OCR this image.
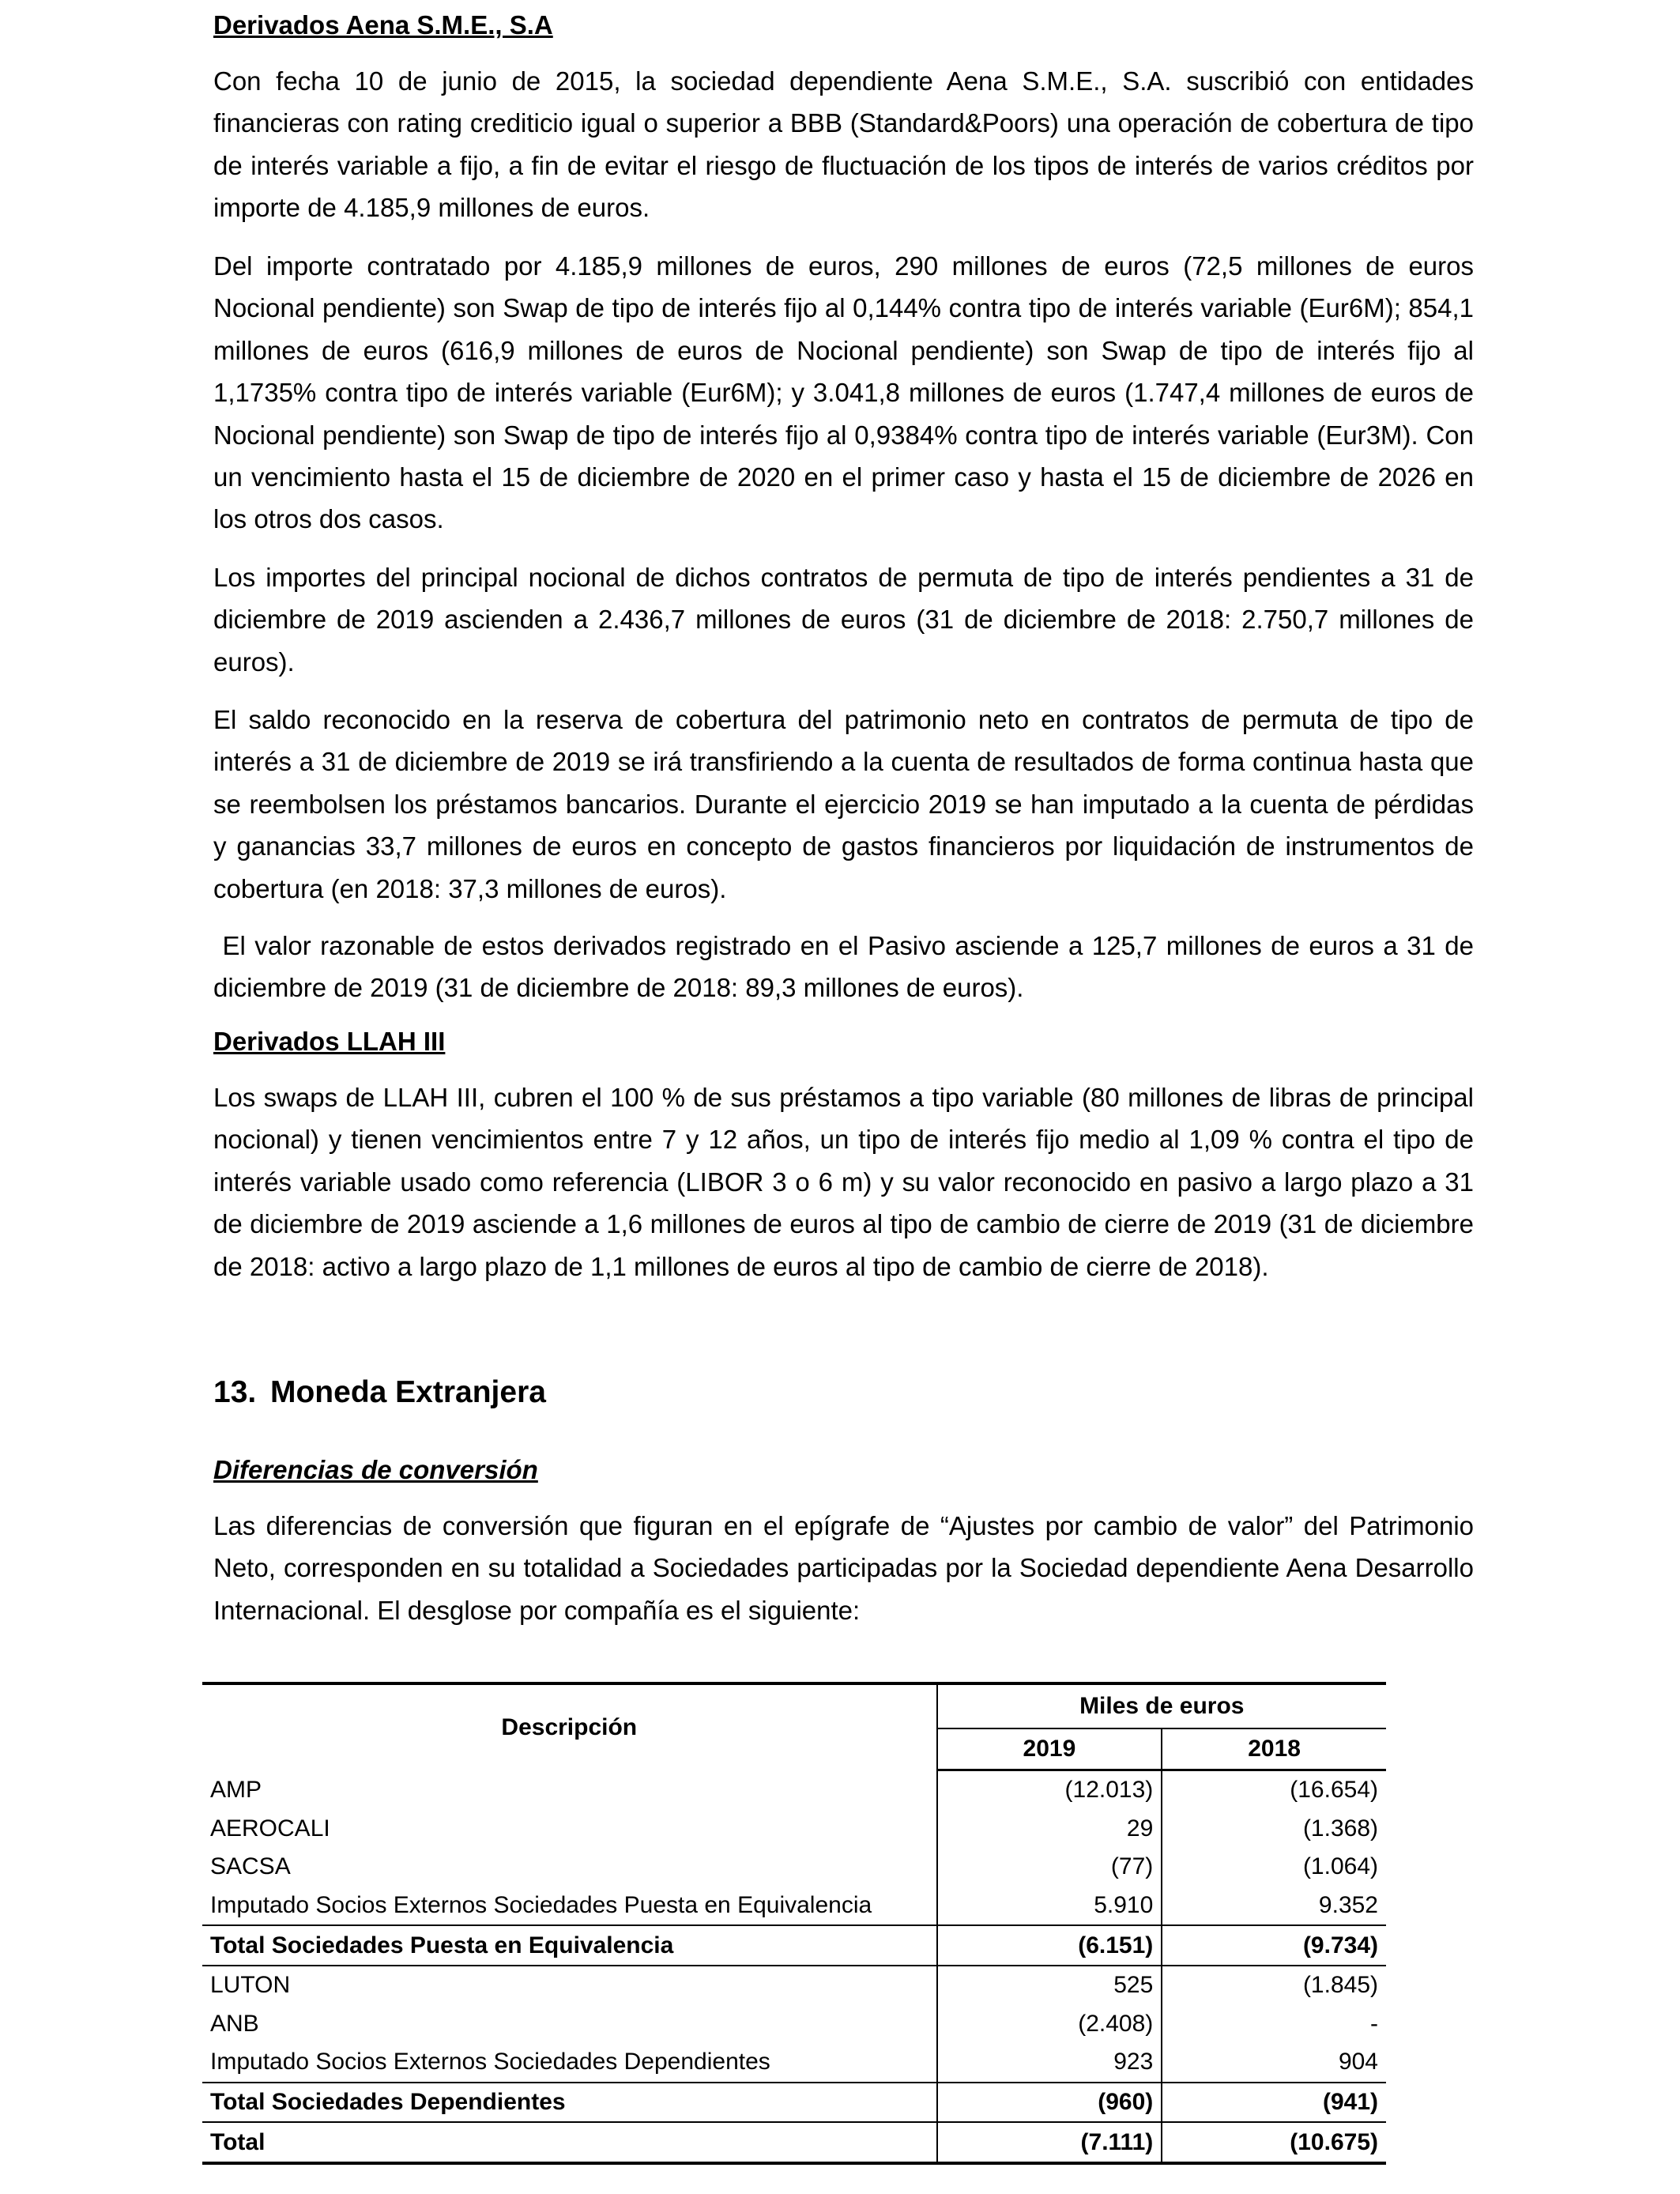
Derivados Aena S.M.E., S.A

Con fecha 10 de junio de 2015, la sociedad dependiente Aena S.M.E., S.A. suscribió con entidades financieras con rating crediticio igual o superior a BBB (Standard&Poors) una operación de cobertura de tipo de interés variable a fijo, a fin de evitar el riesgo de fluctuación de los tipos de interés de varios créditos por importe de 4.185,9 millones de euros.

Del importe contratado por 4.185,9 millones de euros, 290 millones de euros (72,5 millones de euros Nocional pendiente) son Swap de tipo de interés fijo al 0,144% contra tipo de interés variable (Eur6M); 854,1 millones de euros (616,9 millones de euros de Nocional pendiente) son Swap de tipo de interés fijo al 1,1735% contra tipo de interés variable (Eur6M); y 3.041,8 millones de euros (1.747,4 millones de euros de Nocional pendiente) son Swap de tipo de interés fijo al 0,9384% contra tipo de interés variable (Eur3M). Con un vencimiento hasta el 15 de diciembre de 2020 en el primer caso y hasta el 15 de diciembre de 2026 en los otros dos casos.

Los importes del principal nocional de dichos contratos de permuta de tipo de interés pendientes a 31 de diciembre de 2019 ascienden a 2.436,7 millones de euros (31 de diciembre de 2018: 2.750,7 millones de euros).

El saldo reconocido en la reserva de cobertura del patrimonio neto en contratos de permuta de tipo de interés a 31 de diciembre de 2019 se irá transfiriendo a la cuenta de resultados de forma continua hasta que se reembolsen los préstamos bancarios. Durante el ejercicio 2019 se han imputado a la cuenta de pérdidas y ganancias 33,7 millones de euros en concepto de gastos financieros por liquidación de instrumentos de cobertura (en 2018: 37,3 millones de euros).

El valor razonable de estos derivados registrado en el Pasivo asciende a 125,7 millones de euros a 31 de diciembre de 2019 (31 de diciembre de 2018: 89,3 millones de euros).

Derivados LLAH III

Los swaps de LLAH III, cubren el 100 % de sus préstamos a tipo variable (80 millones de libras de principal nocional) y tienen vencimientos entre 7 y 12 años, un tipo de interés fijo medio al 1,09 % contra el tipo de interés variable usado como referencia (LIBOR 3 o 6 m) y su valor reconocido en pasivo a largo plazo a 31 de diciembre de 2019 asciende a 1,6 millones de euros al tipo de cambio de cierre de 2019 (31 de diciembre de 2018: activo a largo plazo de 1,1 millones de euros al tipo de cambio de cierre de 2018).

13. Moneda Extranjera
Diferencias de conversión

Las diferencias de conversión que figuran en el epígrafe de “Ajustes por cambio de valor” del Patrimonio Neto, corresponden en su totalidad a Sociedades participadas por la Sociedad dependiente Aena Desarrollo Internacional. El desglose por compañía es el siguiente:

Descripción	Miles de euros	
	2019	2018
AMP	(12.013)	(16.654)
AEROCALI	29	(1.368)
SACSA	(77)	(1.064)
Imputado Socios Externos Sociedades Puesta en Equivalencia	5.910	9.352
Total Sociedades Puesta en Equivalencia	(6.151)	(9.734)
LUTON	525	(1.845)
ANB	(2.408)	-
Imputado Socios Externos Sociedades Dependientes	923	904
Total Sociedades Dependientes	(960)	(941)
Total	(7.111)	(10.675)
